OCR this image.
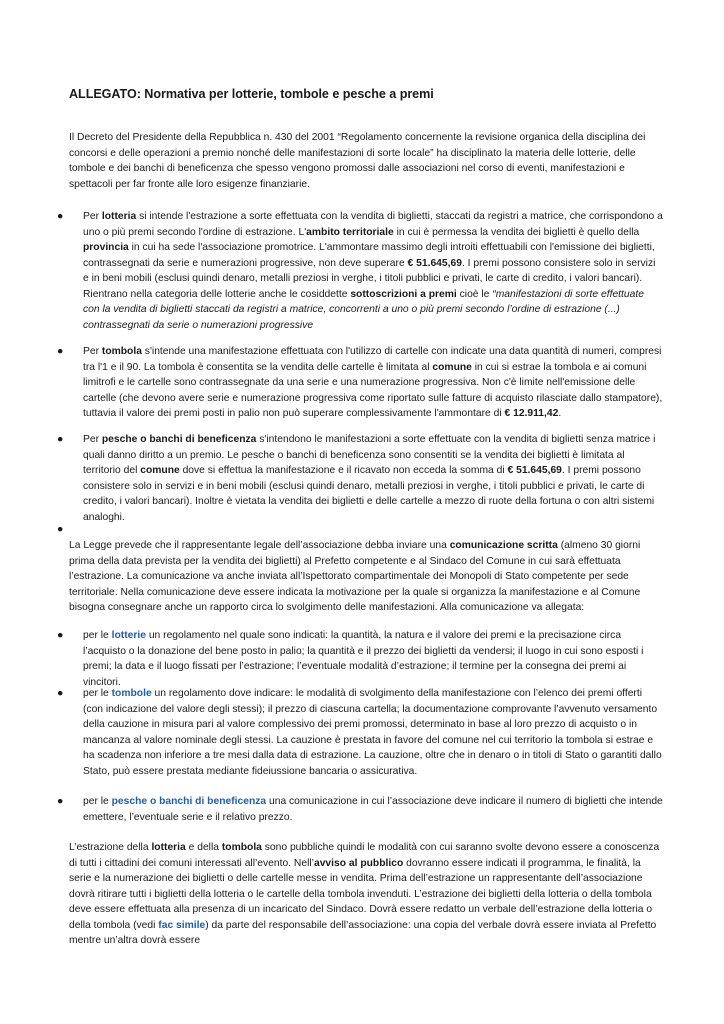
ALLEGATO: Normativa per lotterie, tombole e pesche a premi
Il Decreto del Presidente della Repubblica n. 430 del 2001 “Regolamento concernente la revisione organica della disciplina dei concorsi e delle operazioni a premio nonché delle manifestazioni di sorte locale” ha disciplinato la materia delle lotterie, delle tombole e dei banchi di beneficenza che spesso vengono promossi dalle associazioni nel corso di eventi, manifestazioni e spettacoli per far fronte alle loro esigenze finanziarie.
● Per lotteria si intende l'estrazione a sorte effettuata con la vendita di biglietti, staccati da registri a matrice, che corrispondono a uno o più premi secondo l'ordine di estrazione. L'ambito territoriale in cui è permessa la vendita dei biglietti è quello della provincia in cui ha sede l'associazione promotrice. L'ammontare massimo degli introiti effettuabili con l'emissione dei biglietti, contrassegnati da serie e numerazioni progressive, non deve superare € 51.645,69. I premi possono consistere solo in servizi e in beni mobili (esclusi quindi denaro, metalli preziosi in verghe, i titoli pubblici e privati, le carte di credito, i valori bancari). Rientrano nella categoria delle lotterie anche le cosiddette sottoscrizioni a premi cioè le “manifestazioni di sorte effettuate con la vendita di biglietti staccati da registri a matrice, concorrenti a uno o più premi secondo l’ordine di estrazione (...) contrassegnati da serie o numerazioni progressive
● Per tombola s'intende una manifestazione effettuata con l'utilizzo di cartelle con indicate una data quantità di numeri, compresi tra l'1 e il 90. La tombola è consentita se la vendita delle cartelle è limitata al comune in cui si estrae la tombola e ai comuni limitrofi e le cartelle sono contrassegnate da una serie e una numerazione progressiva. Non c'è limite nell'emissione delle cartelle (che devono avere serie e numerazione progressiva come riportato sulle fatture di acquisto rilasciate dallo stampatore), tuttavia il valore dei premi posti in palio non può superare complessivamente l'ammontare di € 12.911,42.
● Per pesche o banchi di beneficenza s'intendono le manifestazioni a sorte effettuate con la vendita di biglietti senza matrice i quali danno diritto a un premio. Le pesche o banchi di beneficenza sono consentiti se la vendita dei biglietti è limitata al territorio del comune dove si effettua la manifestazione e il ricavato non ecceda la somma di € 51.645,69. I premi possono consistere solo in servizi e in beni mobili (esclusi quindi denaro, metalli preziosi in verghe, i titoli pubblici e privati, le carte di credito, i valori bancari). Inoltre è vietata la vendita dei biglietti e delle cartelle a mezzo di ruote della fortuna o con altri sistemi analoghi.
●
La Legge prevede che il rappresentante legale dell’associazione debba inviare una comunicazione scritta (almeno 30 giorni prima della data prevista per la vendita dei biglietti) al Prefetto competente e al Sindaco del Comune in cui sarà effettuata l’estrazione. La comunicazione va anche inviata all’Ispettorato compartimentale dei Monopoli di Stato competente per sede territoriale. Nella comunicazione deve essere indicata la motivazione per la quale si organizza la manifestazione e al Comune bisogna consegnare anche un rapporto circa lo svolgimento delle manifestazioni. Alla comunicazione va allegata:
● per le lotterie un regolamento nel quale sono indicati: la quantità, la natura e il valore dei premi e la precisazione circa l’acquisto o la donazione del bene posto in palio; la quantità e il prezzo dei biglietti da vendersi; il luogo in cui sono esposti i premi; la data e il luogo fissati per l’estrazione; l’eventuale modalità d’estrazione; il termine per la consegna dei premi ai vincitori.
● per le tombole un regolamento dove indicare: le modalità di svolgimento della manifestazione con l’elenco dei premi offerti (con indicazione del valore degli stessi); il prezzo di ciascuna cartella; la documentazione comprovante l’avvenuto versamento della cauzione in misura pari al valore complessivo dei premi promossi, determinato in base al loro prezzo di acquisto o in mancanza al valore nominale degli stessi. La cauzione è prestata in favore del comune nel cui territorio la tombola si estrae e ha scadenza non inferiore a tre mesi dalla data di estrazione. La cauzione, oltre che in denaro o in titoli di Stato o garantiti dallo Stato, può essere prestata mediante fideiussione bancaria o assicurativa.
● per le pesche o banchi di beneficenza una comunicazione in cui l’associazione deve indicare il numero di biglietti che intende emettere, l’eventuale serie e il relativo prezzo.
L’estrazione della lotteria e della tombola sono pubbliche quindi le modalità con cui saranno svolte devono essere a conoscenza di tutti i cittadini dei comuni interessati all’evento. Nell’avviso al pubblico dovranno essere indicati il programma, le finalità, la serie e la numerazione dei biglietti o delle cartelle messe in vendita. Prima dell’estrazione un rappresentante dell’associazione dovrà ritirare tutti i biglietti della lotteria o le cartelle della tombola invenduti. L’estrazione dei biglietti della lotteria o della tombola deve essere effettuata alla presenza di un incaricato del Sindaco. Dovrà essere redatto un verbale dell’estrazione della lotteria o della tombola (vedi fac simile) da parte del responsabile dell’associazione: una copia del verbale dovrà essere inviata al Prefetto mentre un’altra dovrà essere
